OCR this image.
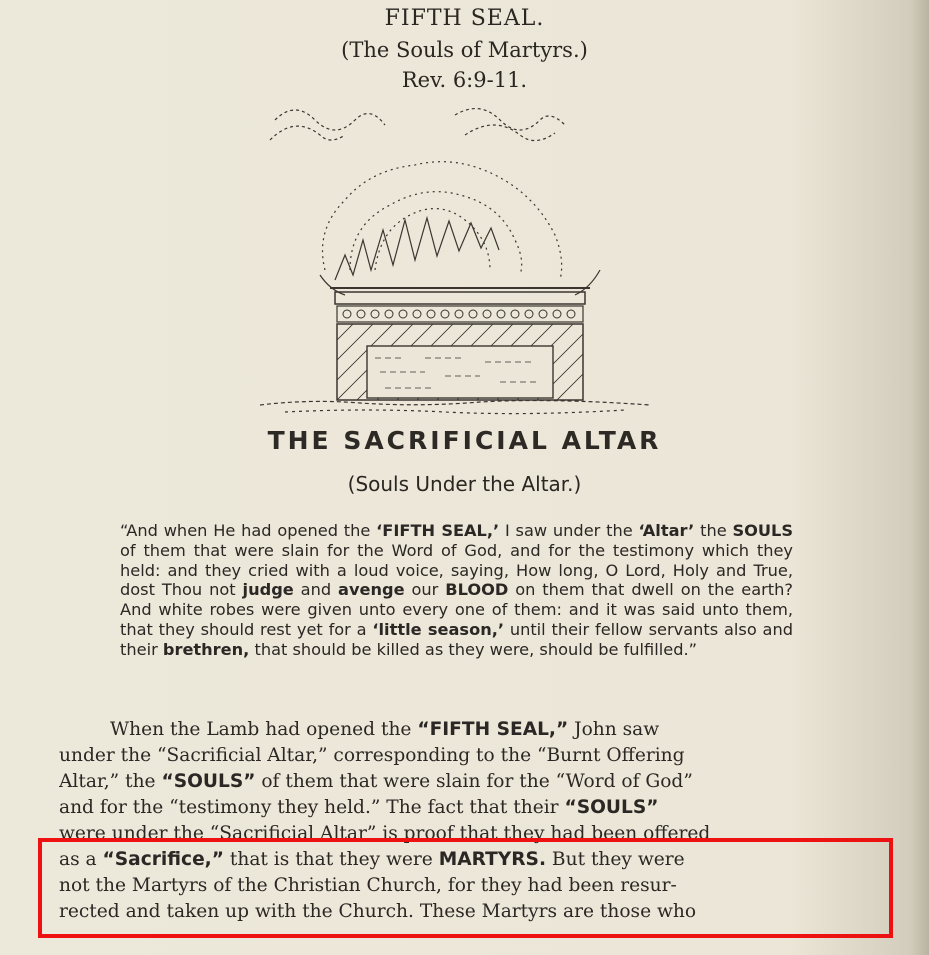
FIFTH SEAL.
(The Souls of Martyrs.)
Rev. 6:9-11.
THE SACRIFICIAL ALTAR
(Souls Under the Altar.)
“And when He had opened the ‘FIFTH SEAL,’ I saw under the ‘Altar’ the SOULS of them that were slain for the Word of God, and for the testimony which they held: and they cried with a loud voice, saying, How long, O Lord, Holy and True, dost Thou not judge and avenge our BLOOD on them that dwell on the earth? And white robes were given unto every one of them: and it was said unto them, that they should rest yet for a ‘little season,’ until their fellow servants also and their brethren, that should be killed as they were, should be fulfilled.”
When the Lamb had opened the “FIFTH SEAL,” John saw
under the “Sacrificial Altar,” corresponding to the “Burnt Offering
Altar,” the “SOULS” of them that were slain for the “Word of God”
and for the “testimony they held.” The fact that their “SOULS”
were under the “Sacrificial Altar” is proof that they had been offered
as a “Sacrifice,” that is that they were MARTYRS. But they were
not the Martyrs of the Christian Church, for they had been resur-
rected and taken up with the Church. These Martyrs are those who
